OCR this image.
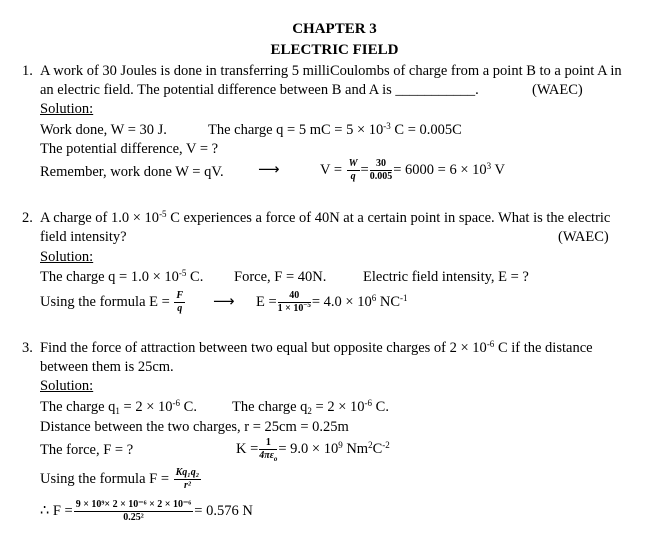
CHAPTER 3
ELECTRIC FIELD
1. A work of 30 Joules is done in transferring 5 milliCoulombs of charge from a point B to a point A in
an electric field. The potential difference between B and A is ___________.	(WAEC)
Solution:
Work done, W = 30 J.	The charge q = 5 mC = $5 \times 10^{-3}$ C = 0.005C
The potential difference, V = ?
Remember, work done W = qV. ⟶	$V = \frac{W}{q} = \frac{30}{0.005} = 6000 = 6 \times 10^3$ V
2. A charge of $1.0 \times 10^{-5}$ C experiences a force of 40N at a certain point in space. What is the electric
field intensity?	(WAEC)
Solution:
The charge $q = 1.0 \times 10^{-5}$ C. Force, F = 40N.	Electric field intensity, E = ?
Using the formula $E = \frac{F}{q}$ ⟶ $E = \frac{40}{1 \times 10^{-5}} = 4.0 \times 10^6$ $NC^{-1}$
3. Find the force of attraction between two equal but opposite charges of $2 \times 10^{-6}$ C if the distance
between them is 25cm.
Solution:
The charge $q_1 = 2 \times 10^{-6}$ C. The charge $q_2 = 2 \times 10^{-6}$ C.
Distance between the two charges, r = 25cm = 0.25m
The force, F = ?	$K = \frac{1}{4\pi\varepsilon_o} = 9.0 \times 10^9$ $Nm^2C^{-2}$
Using the formula $F = \frac{\text{Kq₁q₂}}{\text{r²}}$
∴ $F = \frac{\text{9 × 10⁹× 2 × 10⁻⁶ × 2 × 10⁻⁶}}{\text{0.25²}} = 0.576$ N
